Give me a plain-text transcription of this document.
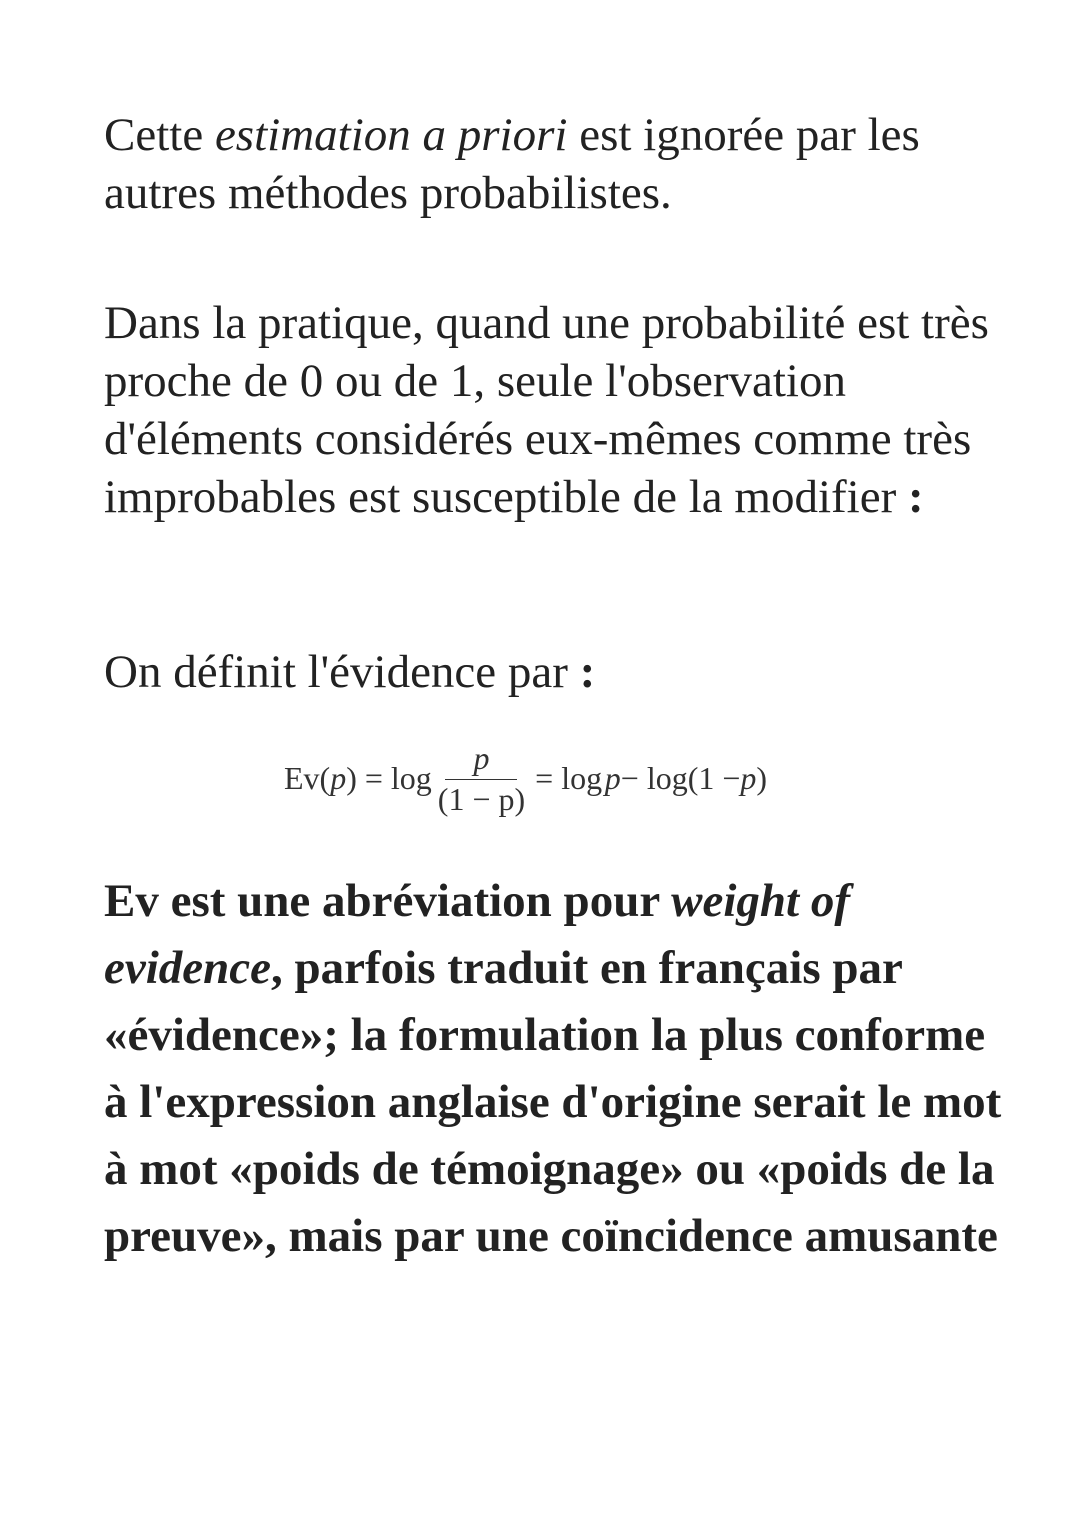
Cette estimation a priori est ignorée par les autres méthodes probabilistes.

Dans la pratique, quand une probabilité est très proche de 0 ou de 1, seule l'observation d'éléments considérés eux-mêmes comme très improbables est susceptible de la modifier :

On définit l'évidence par :

Ev( p ) = $\log \frac{p}{(1 - p)} = \log$
  p − log(1 − p )

Ev est une abréviation pour weight of evidence, parfois traduit en français par «évidence»; la formulation la plus conforme à l'expression anglaise d'origine serait le mot à mot «poids de témoignage» ou «poids de la preuve», mais par une coïncidence amusante
